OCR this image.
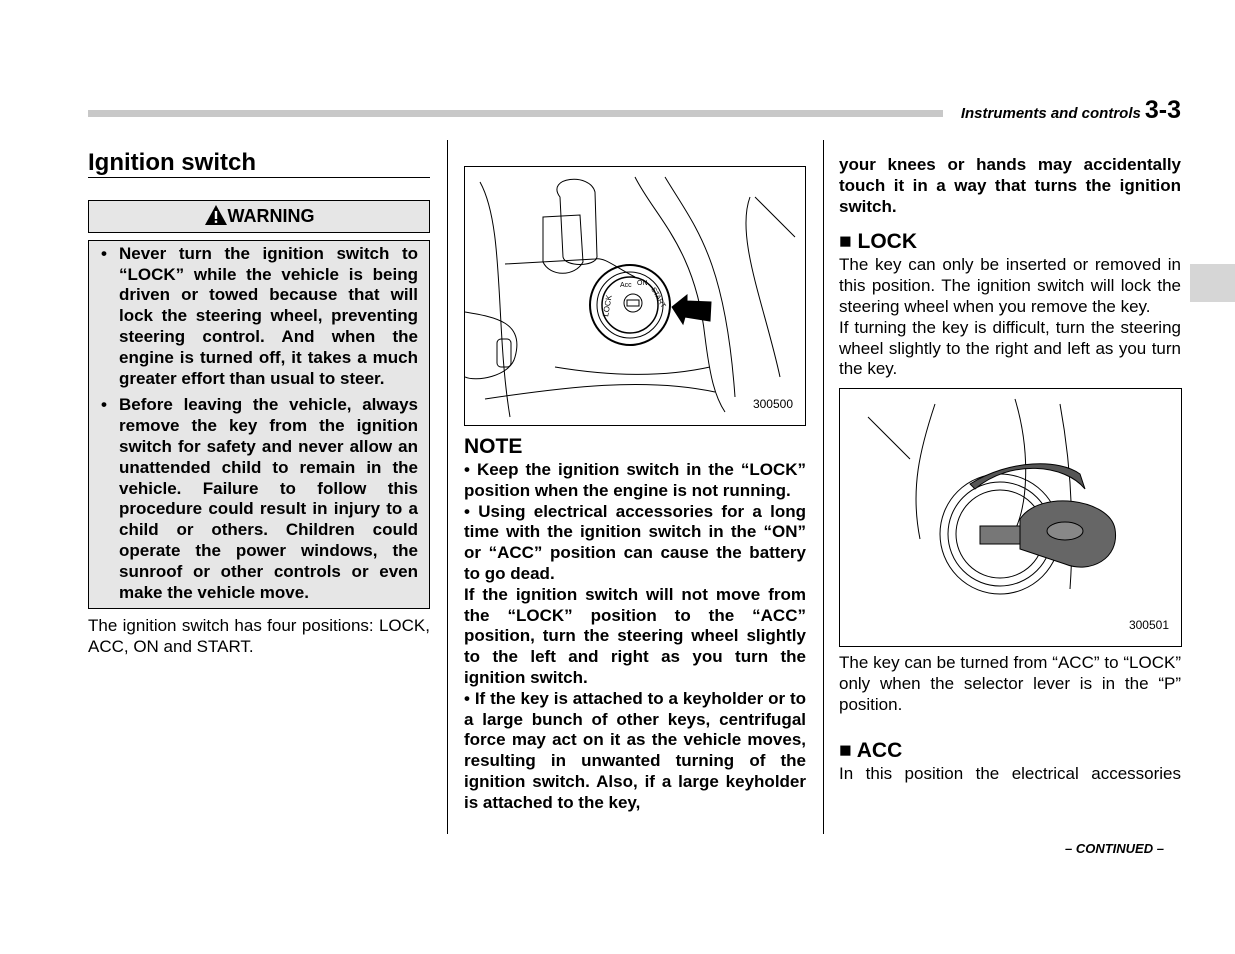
Instruments and controls 3-3
Ignition switch
WARNING
• Never turn the ignition switch to “LOCK” while the vehicle is being driven or towed because that will lock the steering wheel, preventing steering control. And when the engine is turned off, it takes a much greater effort than usual to steer.

• Before leaving the vehicle, always remove the key from the ignition switch for safety and never allow an unattended child to remain in the vehicle. Failure to follow this procedure could result in injury to a child or others. Children could operate the power windows, the sunroof or other controls or even make the vehicle move.

The ignition switch has four positions: LOCK, ACC, ON and START.

LOCK
Acc ON
START
300500
NOTE

• Keep the ignition switch in the “LOCK” position when the engine is not running.

• Using electrical accessories for a long time with the ignition switch in the “ON” or “ACC” position can cause the battery to go dead.

If the ignition switch will not move from the “LOCK” position to the “ACC” position, turn the steering wheel slightly to the left and right as you turn the ignition switch.

• If the key is attached to a keyholder or to a large bunch of other keys, centrifugal force may act on it as the vehicle moves, resulting in unwanted turning of the ignition switch. Also, if a large keyholder is attached to the key,

your knees or hands may accidentally touch it in a way that turns the ignition switch.

■ LOCK

The key can only be inserted or removed in this position. The ignition switch will lock the steering wheel when you remove the key.

If turning the key is difficult, turn the steering wheel slightly to the right and left as you turn the key.

300501

The key can be turned from “ACC” to “LOCK” only when the selector lever is in the “P” position.

■ ACC

In this position the electrical accessories

– CONTINUED –
